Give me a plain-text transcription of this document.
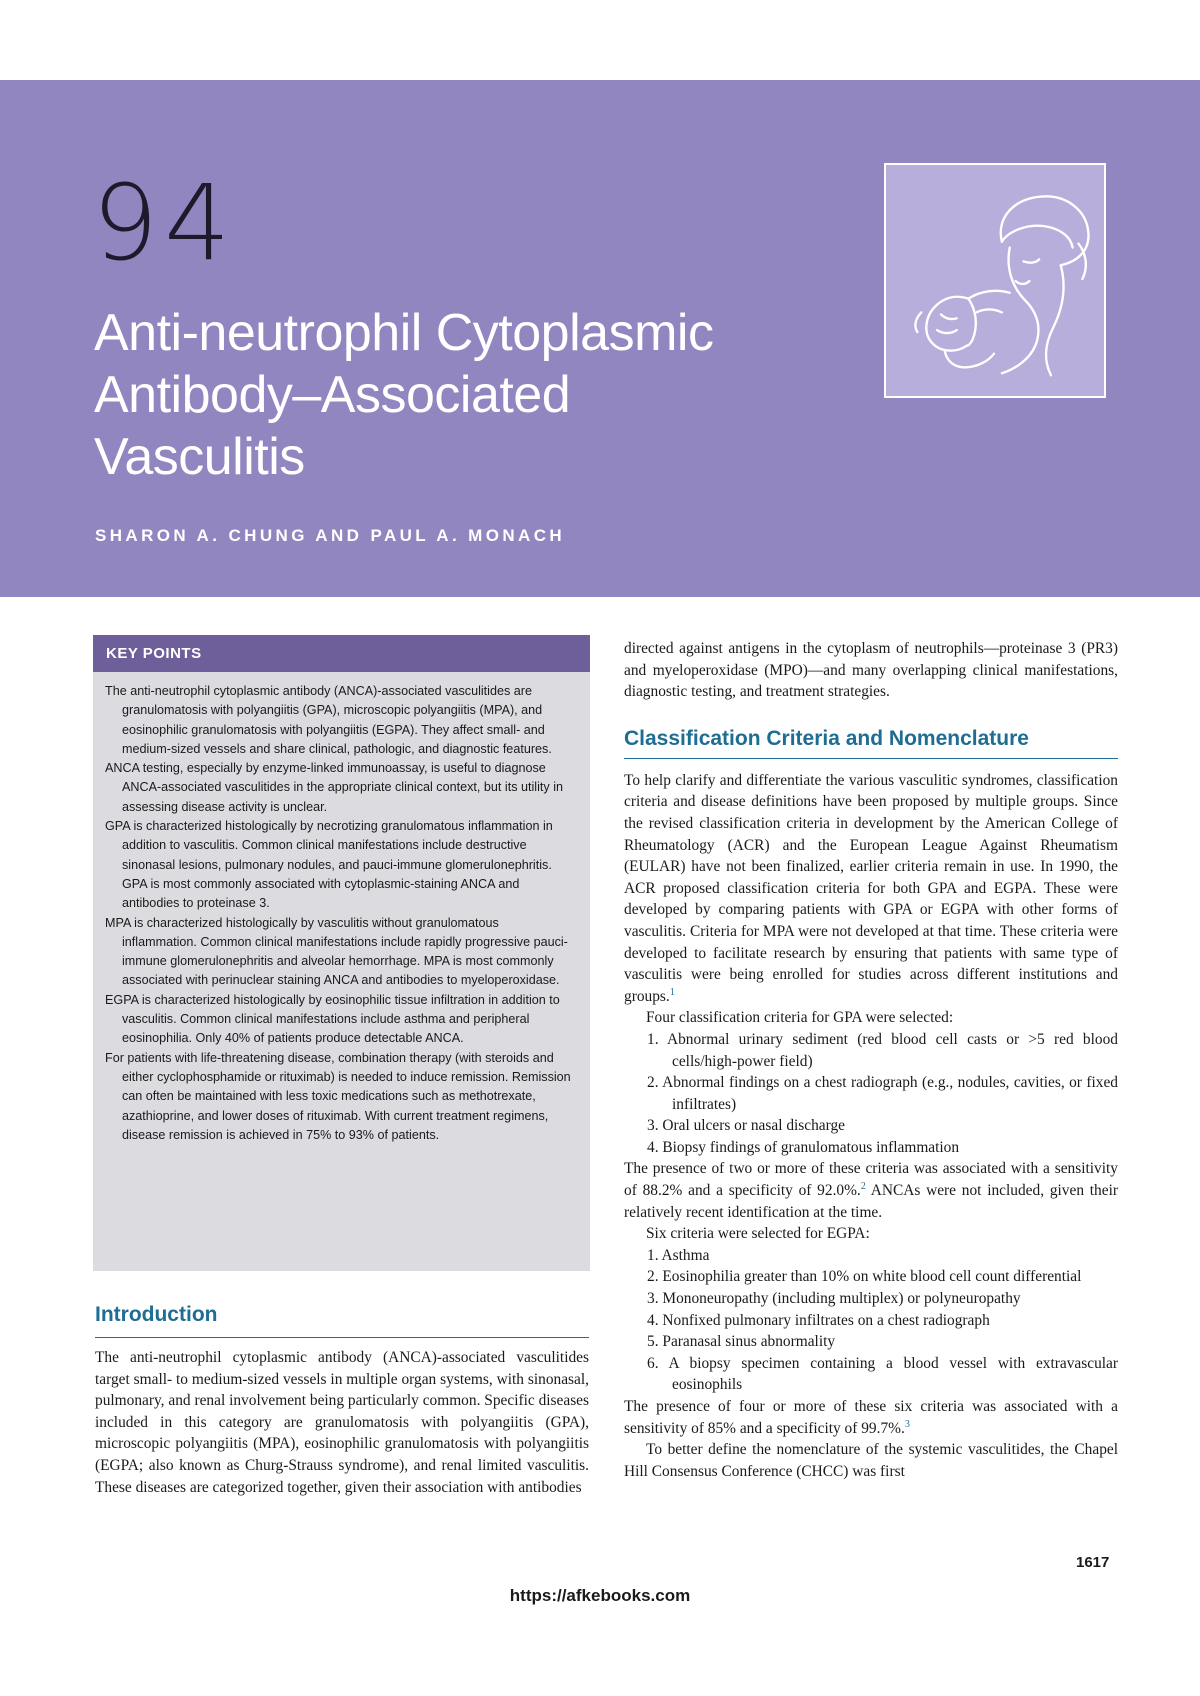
94
Anti-neutrophil Cytoplasmic
Antibody–Associated
Vasculitis

SHARON A. CHUNG AND PAUL A. MONACH

KEY POINTS
The anti-neutrophil cytoplasmic antibody (ANCA)-associated vasculitides are granulomatosis with polyangiitis (GPA), microscopic polyangiitis (MPA), and eosinophilic granulomatosis with polyangiitis (EGPA). They affect small- and medium-sized vessels and share clinical, pathologic, and diagnostic features.
ANCA testing, especially by enzyme-linked immunoassay, is useful to diagnose ANCA-associated vasculitides in the appropriate clinical context, but its utility in assessing disease activity is unclear.
GPA is characterized histologically by necrotizing granulomatous inflammation in addition to vasculitis. Common clinical manifestations include destructive sinonasal lesions, pulmonary nodules, and pauci-immune glomerulonephritis. GPA is most commonly associated with cytoplasmic-staining ANCA and antibodies to proteinase 3.
MPA is characterized histologically by vasculitis without granulomatous inflammation. Common clinical manifestations include rapidly progressive pauci-immune glomerulonephritis and alveolar hemorrhage. MPA is most commonly associated with perinuclear staining ANCA and antibodies to myeloperoxidase.
EGPA is characterized histologically by eosinophilic tissue infiltration in addition to vasculitis. Common clinical manifestations include asthma and peripheral eosinophilia. Only 40% of patients produce detectable ANCA.
For patients with life-threatening disease, combination therapy (with steroids and either cyclophosphamide or rituximab) is needed to induce remission. Remission can often be maintained with less toxic medications such as methotrexate, azathioprine, and lower doses of rituximab. With current treatment regimens, disease remission is achieved in 75% to 93% of patients.
Introduction

The anti-neutrophil cytoplasmic antibody (ANCA)-associated vasculitides target small- to medium-sized vessels in multiple organ systems, with sinonasal, pulmonary, and renal involvement being particularly common. Specific diseases included in this category are granulomatosis with polyangiitis (GPA), microscopic polyangiitis (MPA), eosinophilic granulomatosis with polyangiitis (EGPA; also known as Churg-Strauss syndrome), and renal limited vasculitis. These diseases are categorized together, given their association with antibodies

directed against antigens in the cytoplasm of neutrophils—proteinase 3 (PR3) and myeloperoxidase (MPO)—and many overlapping clinical manifestations, diagnostic testing, and treatment strategies.

Classification Criteria and Nomenclature

To help clarify and differentiate the various vasculitic syndromes, classification criteria and disease definitions have been proposed by multiple groups. Since the revised classification criteria in development by the American College of Rheumatology (ACR) and the European League Against Rheumatism (EULAR) have not been finalized, earlier criteria remain in use. In 1990, the ACR proposed classification criteria for both GPA and EGPA. These were developed by comparing patients with GPA or EGPA with other forms of vasculitis. Criteria for MPA were not developed at that time. These criteria were developed to facilitate research by ensuring that patients with same type of vasculitis were being enrolled for studies across different institutions and groups.$^1$

Four classification criteria for GPA were selected:

1. Abnormal urinary sediment (red blood cell casts or >5 red blood cells/high-power field)
2. Abnormal findings on a chest radiograph (e.g., nodules, cavities, or fixed infiltrates)
3. Oral ulcers or nasal discharge
4. Biopsy findings of granulomatous inflammation

The presence of two or more of these criteria was associated with a sensitivity of 88.2% and a specificity of 92.0%.$^2$ ANCAs were not included, given their relatively recent identification at the time.

Six criteria were selected for EGPA:

1. Asthma
2. Eosinophilia greater than 10% on white blood cell count differential
3. Mononeuropathy (including multiplex) or polyneuropathy
4. Nonfixed pulmonary infiltrates on a chest radiograph
5. Paranasal sinus abnormality
6. A biopsy specimen containing a blood vessel with extravascular eosinophils

The presence of four or more of these six criteria was associated with a sensitivity of 85% and a specificity of 99.7%.$^3$

To better define the nomenclature of the systemic vasculitides, the Chapel Hill Consensus Conference (CHCC) was first

1617

https://afkebooks.com
